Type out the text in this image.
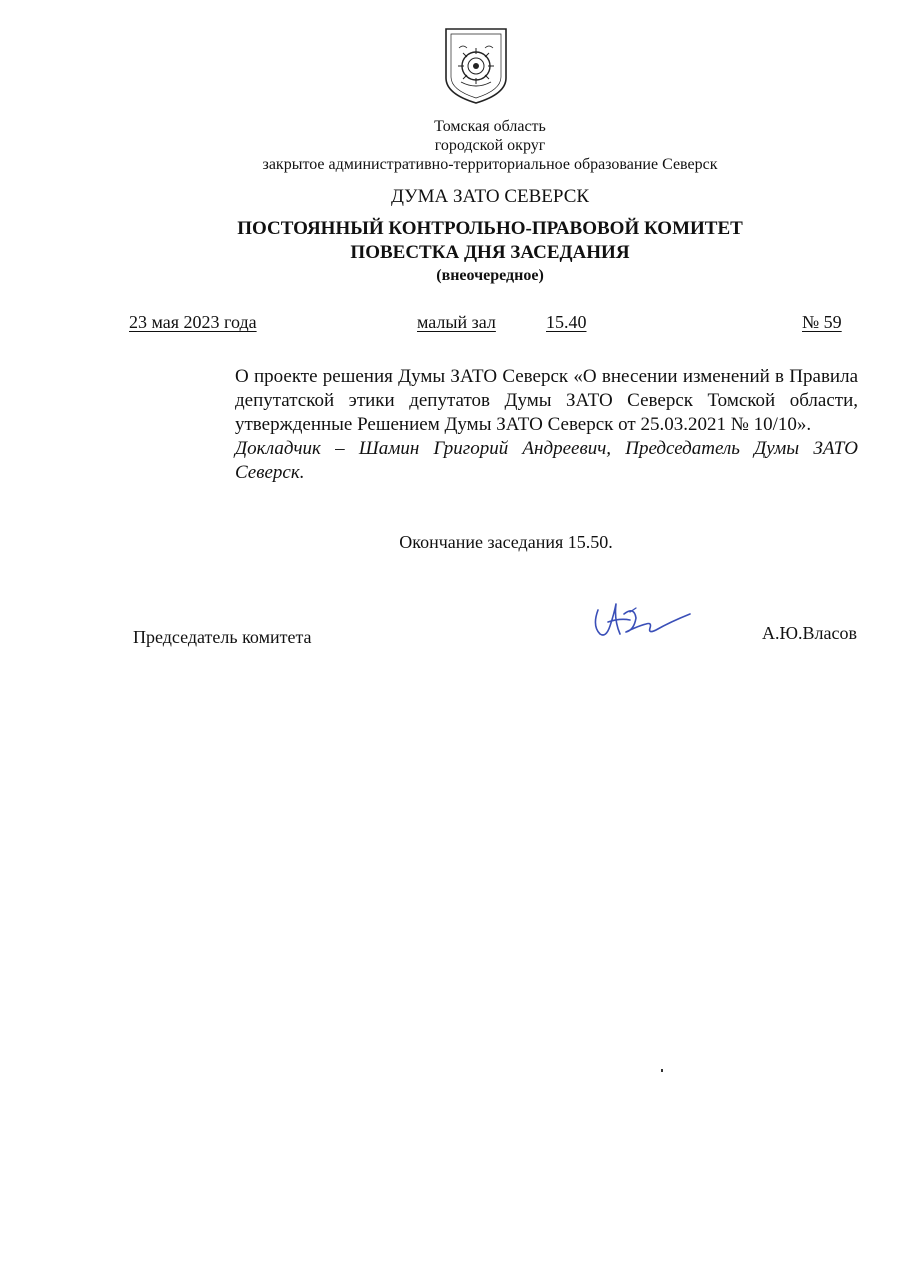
Томская область
городской округ
закрытое административно-территориальное образование Северск
ДУМА ЗАТО СЕВЕРСК
ПОСТОЯННЫЙ КОНТРОЛЬНО-ПРАВОВОЙ КОМИТЕТ
ПОВЕСТКА ДНЯ ЗАСЕДАНИЯ
(внеочередное)
23 мая 2023 года	малый зал	15.40	№ 59

О проекте решения Думы ЗАТО Северск «О внесении изменений в Правила депутатской этики депутатов Думы ЗАТО Северск Томской области, утвержденные Решением Думы ЗАТО Северск от 25.03.2021 № 10/10».

Докладчик – Шамин Григорий Андреевич, Председатель Думы ЗАТО Северск.

Окончание заседания 15.50.
Председатель комитета	А.Ю.Власов
